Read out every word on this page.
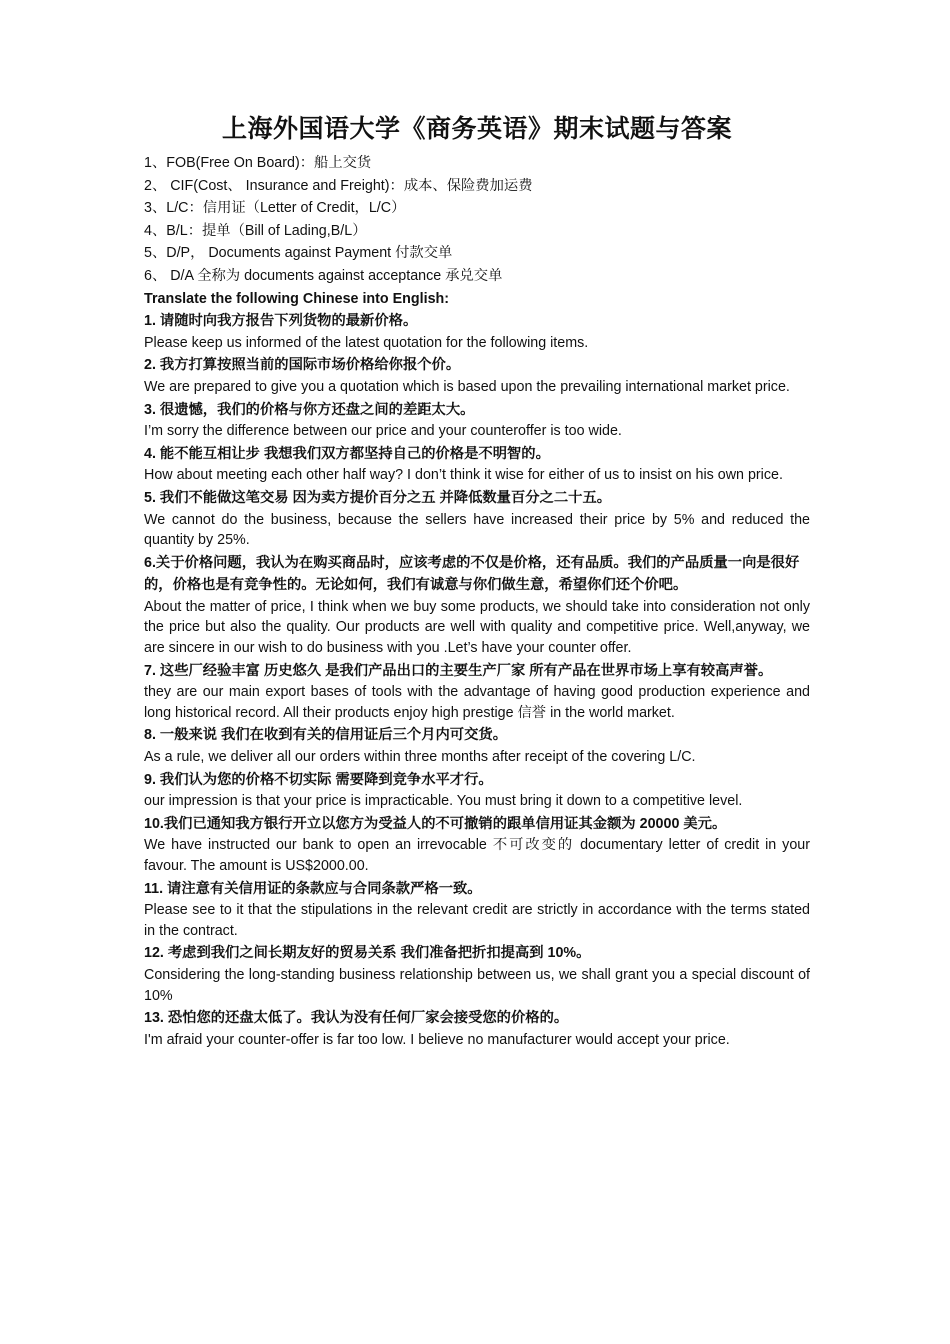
上海外国语大学《商务英语》期末试题与答案

1、FOB(Free On Board)：船上交货

2、 CIF(Cost、 Insurance and Freight)：成本、保险费加运费

3、L/C：信用证（Letter of Credit，L/C）

4、B/L：提单（Bill of Lading,B/L）

5、D/P， Documents against Payment 付款交单

6、 D/A 全称为 documents against acceptance 承兑交单

Translate the following Chinese into English:

1. 请随时向我方报告下列货物的最新价格。

Please keep us informed of the latest quotation for the following items.

2. 我方打算按照当前的国际市场价格给你报个价。

We are prepared to give you a quotation which is based upon the prevailing international market price.

3. 很遗憾，我们的价格与你方还盘之间的差距太大。

I’m sorry the difference between our price and your counteroffer is too wide.

4. 能不能互相让步 我想我们双方都坚持自己的价格是不明智的。

How about meeting each other half way? I don’t think it wise for either of us to insist on his own price.

5. 我们不能做这笔交易 因为卖方提价百分之五 并降低数量百分之二十五。

We cannot do the business, because the sellers have increased their price by 5% and reduced the quantity by 25%.

6.关于价格问题，我认为在购买商品时，应该考虑的不仅是价格，还有品质。我们的产品质量一向是很好的，价格也是有竞争性的。无论如何，我们有诚意与你们做生意，希望你们还个价吧。

About the matter of price, I think when we buy some products, we should take into consideration not only the price but also the quality. Our products are well with quality and competitive price. Well,anyway, we are sincere in our wish to do business with you .Let’s have your counter offer.

7. 这些厂经验丰富 历史悠久 是我们产品出口的主要生产厂家 所有产品在世界市场上享有较高声誉。

they are our main export bases of tools with the advantage of having good production experience and long historical record. All their products enjoy high prestige 信誉 in the world market.

8. 一般来说 我们在收到有关的信用证后三个月内可交货。

As a rule, we deliver all our orders within three months after receipt of the covering L/C.

9. 我们认为您的价格不切实际 需要降到竞争水平才行。

our impression is that your price is impracticable. You must bring it down to a competitive level.

10.我们已通知我方银行开立以您方为受益人的不可撤销的跟单信用证其金额为 20000 美元。

We have instructed our bank to open an irrevocable 不可改变的 documentary letter of credit in your favour. The amount is US$2000.00.

11. 请注意有关信用证的条款应与合同条款严格一致。

Please see to it that the stipulations in the relevant credit are strictly in accordance with the terms stated in the contract.

12. 考虑到我们之间长期友好的贸易关系 我们准备把折扣提高到 10%。

Considering the long-standing business relationship between us, we shall grant you a special discount of 10%

13. 恐怕您的还盘太低了。我认为没有任何厂家会接受您的价格的。

I'm afraid your counter-offer is far too low. I believe no manufacturer would accept your price.
